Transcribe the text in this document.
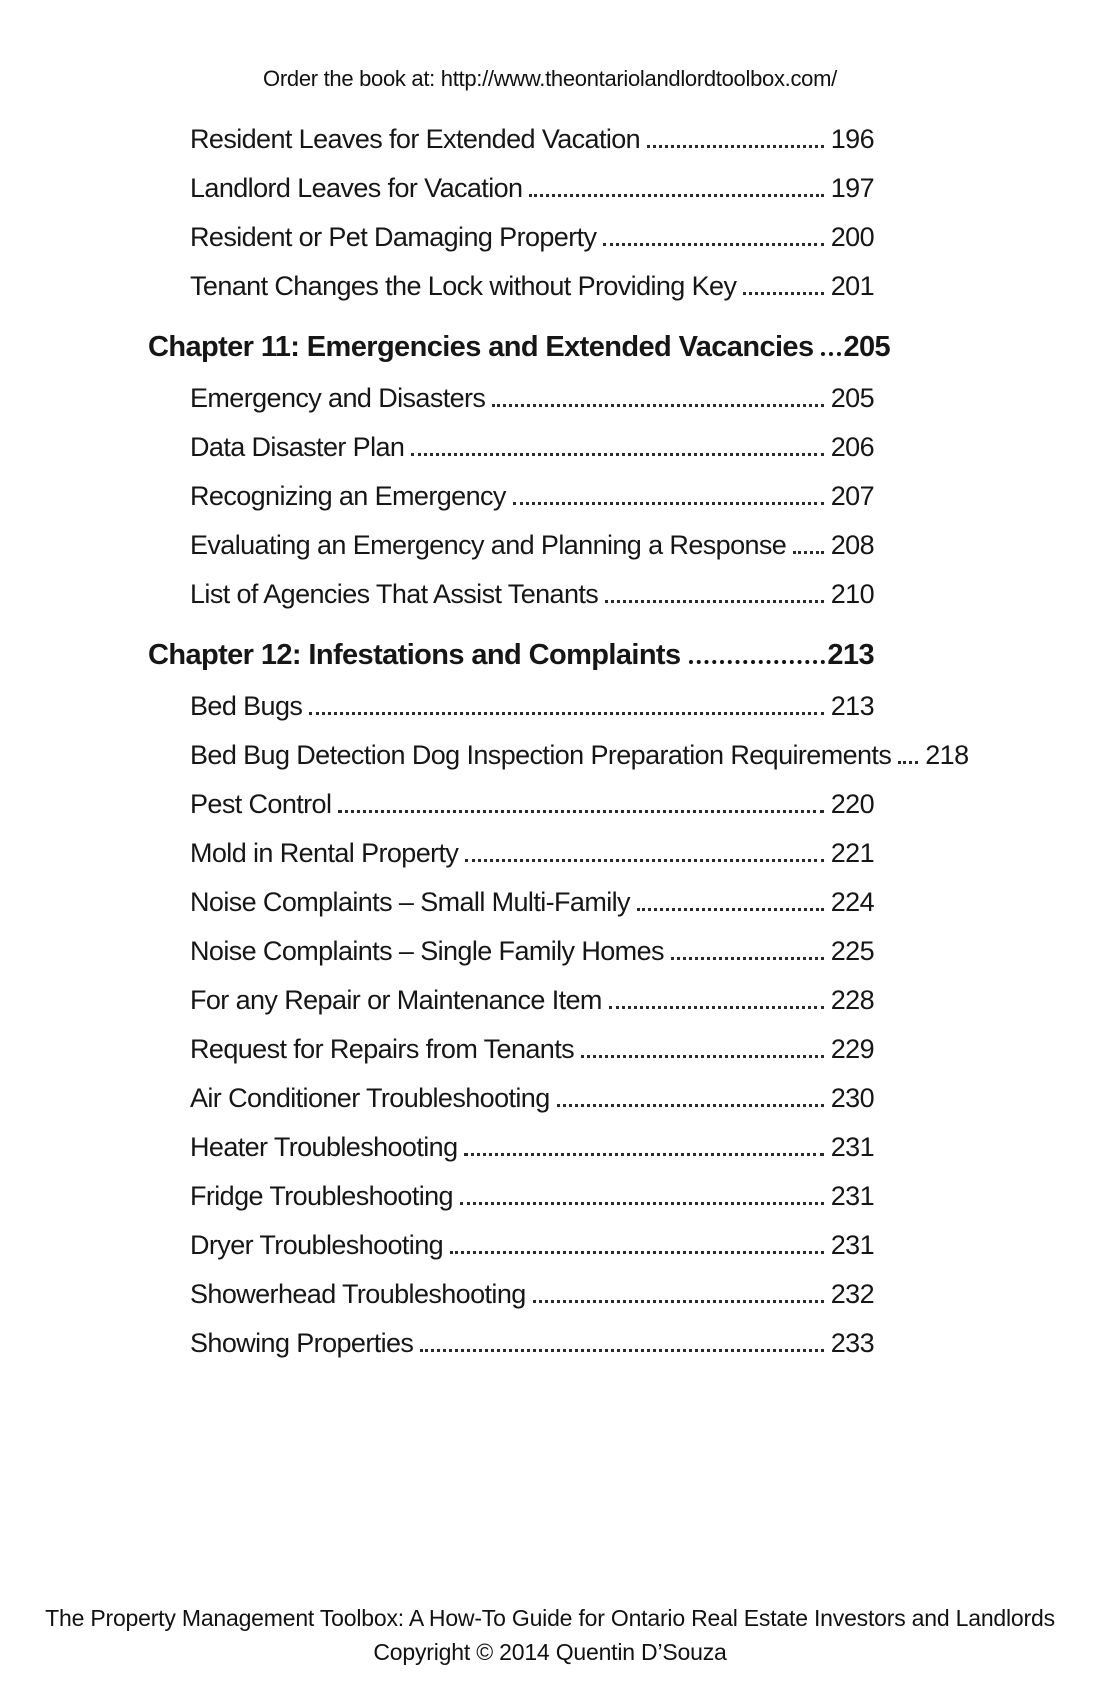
Order the book at: http://www.theontariolandlordtoolbox.com/
Resident Leaves for Extended Vacation	196
Landlord Leaves for Vacation	197
Resident or Pet Damaging Property	200
Tenant Changes the Lock without Providing Key	201
Chapter 11: Emergencies and Extended Vacancies 205
Emergency and Disasters	205
Data Disaster Plan	206
Recognizing an Emergency	207
Evaluating an Emergency and Planning a Response 208
List of Agencies That Assist Tenants	210
Chapter 12: Infestations and Complaints	213
Bed Bugs	213
Bed Bug Detection Dog Inspection Preparation Requirements 218
Pest Control	220
Mold in Rental Property	221
Noise Complaints – Small Multi-Family	224
Noise Complaints – Single Family Homes	225
For any Repair or Maintenance Item	228
Request for Repairs from Tenants	229
Air Conditioner Troubleshooting	230
Heater Troubleshooting	231
Fridge Troubleshooting	231
Dryer Troubleshooting	231
Showerhead Troubleshooting	232
Showing Properties	233
The Property Management Toolbox: A How-To Guide for Ontario Real Estate Investors and Landlords
Copyright © 2014 Quentin D’Souza
